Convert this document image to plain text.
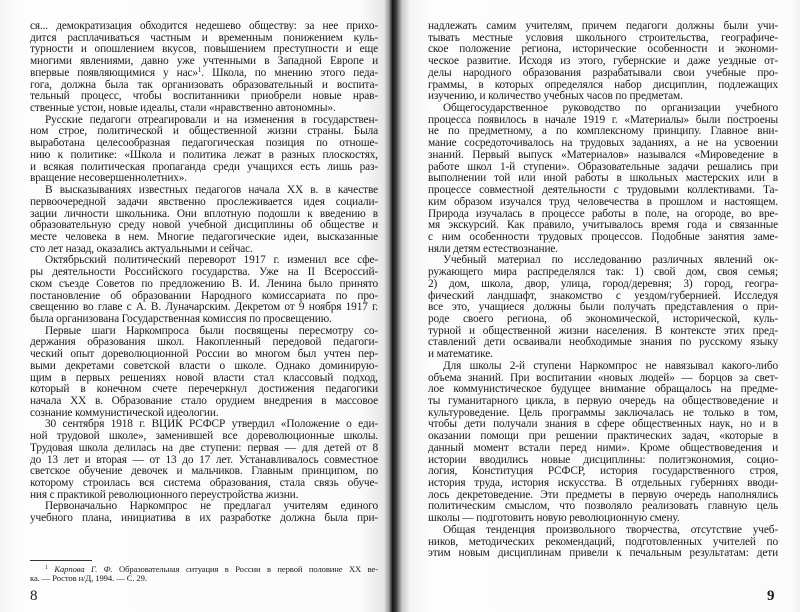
ся... демократизация обходится недешево обществу: за нее прихо-
дится расплачиваться частным и временным понижением куль-
турности и опошлением вкусов, повышением преступности и еще
многими явлениями, давно уже учтенными в Западной Европе и
впервые появляющимися у нас»$^1$. Школа, по мнению этого педа-
гога, должна была так организовать образовательный и воспита-
тельный процесс, чтобы воспитанники приобрели новые нрав-
ственные устои, новые идеалы, стали «нравственно автономны».
Русские педагоги отреагировали и на изменения в государствен-
ном строе, политической и общественной жизни страны. Была
выработана целесообразная педагогическая позиция по отноше-
нию к политике: «Школа и политика лежат в разных плоскостях,
и всякая политическая пропаганда среди учащихся есть лишь раз-
вращение несовершеннолетних».
В высказываниях известных педагогов начала XX в. в качестве
первоочередной задачи явственно прослеживается идея социали-
зации личности школьника. Они вплотную подошли к введению в
образовательную среду новой учебной дисциплины об обществе и
месте человека в нем. Многие педагогические идеи, высказанные
сто лет назад, оказались актуальными и сейчас.
Октябрьский политический переворот 1917 г. изменил все сфе-
ры деятельности Российского государства. Уже на II Всероссий-
ском съезде Советов по предложению В. И. Ленина было принято
постановление об образовании Народного комиссариата по про-
свещению во главе с А. В. Луначарским. Декретом от 9 ноября 1917 г.
была организована Государственная комиссия по просвещению.
Первые шаги Наркомпроса были посвящены пересмотру со-
держания образования школ. Накопленный передовой педагоги-
ческий опыт дореволюционной России во многом был учтен пер-
выми декретами советской власти о школе. Однако доминирую-
щим в первых решениях новой власти стал классовый подход,
который в конечном счете перечеркнул достижения педагогики
начала XX в. Образование стало орудием внедрения в массовое
сознание коммунистической идеологии.
30 сентября 1918 г. ВЦИК РСФСР утвердил «Положение о еди-
ной трудовой школе», заменившей все дореволюционные школы.
Трудовая школа делилась на две ступени: первая — для детей от 8
до 13 лет и вторая — от 13 до 17 лет. Устанавливалось совместное
светское обучение девочек и мальчиков. Главным принципом, по
которому строилась вся система образования, стала связь обуче-
ния с практикой революционного переустройства жизни.
Первоначально Наркомпрос не предлагал учителям единого
учебного плана, инициатива в их разработке должна была при-
$^1$ Карпова Г. Ф. Образовательная ситуация в России в первой половине XX ве-
ка. — Ростов н/Д, 1994. — С. 29.
8
надлежать самим учителям, причем педагоги должны были учи-
тывать местные условия школьного строительства, географиче-
ское положение региона, исторические особенности и экономи-
ческое развитие. Исходя из этого, губернские и даже уездные от-
делы народного образования разрабатывали свои учебные про-
граммы, в которых определялся набор дисциплин, подлежащих
изучению, и количество учебных часов по предметам.
Общегосударственное руководство по организации учебного
процесса появилось в начале 1919 г. «Материалы» были построены
не по предметному, а по комплексному принципу. Главное вни-
мание сосредоточивалось на трудовых заданиях, а не на усвоении
знаний. Первый выпуск «Материалов» назывался «Мироведение в
работе школ 1-й ступени». Образовательные задачи решались при
выполнении той или иной работы в школьных мастерских или в
процессе совместной деятельности с трудовыми коллективами. Та-
ким образом изучался труд человечества в прошлом и настоящем.
Природа изучалась в процессе работы в поле, на огороде, во вре-
мя экскурсий. Как правило, учитывалось время года и связанные
с ним особенности трудовых процессов. Подобные занятия заме-
няли детям естествознание.
Учебный материал по исследованию различных явлений ок-
ружающего мира распределялся так: 1) свой дом, своя семья;
2) дом, школа, двор, улица, город/деревня; 3) город, геогра-
фический ландшафт, знакомство с уездом/губернией. Исследуя
все это, учащиеся должны были получать представления о при-
роде своего региона, об экономической, исторической, куль-
турной и общественной жизни населения. В контексте этих пред-
ставлений дети осваивали необходимые знания по русскому языку
и математике.
Для школы 2-й ступени Наркомпрос не навязывал какого-либо
объема знаний. При воспитании «новых людей» — борцов за свет-
лое коммунистическое будущее внимание обращалось на предме-
ты гуманитарного цикла, в первую очередь на обществоведение и
культуроведение. Цель программы заключалась не только в том,
чтобы дети получали знания в сфере общественных наук, но и в
оказании помощи при решении практических задач, «которые в
данный момент встали перед ними». Кроме обществоведения и
истории вводились новые дисциплины: политэкономия, социо-
логия, Конституция РСФСР, история государственного строя,
история труда, история искусства. В отдельных губерниях вводи-
лось декретоведение. Эти предметы в первую очередь наполнялись
политическим смыслом, что позволяло реализовать главную цель
школы — подготовить новую революционную смену.
Общая тенденция произвольного творчества, отсутствие учеб-
ников, методических рекомендаций, подготовленных учителей по
этим новым дисциплинам привели к печальным результатам: дети
9
